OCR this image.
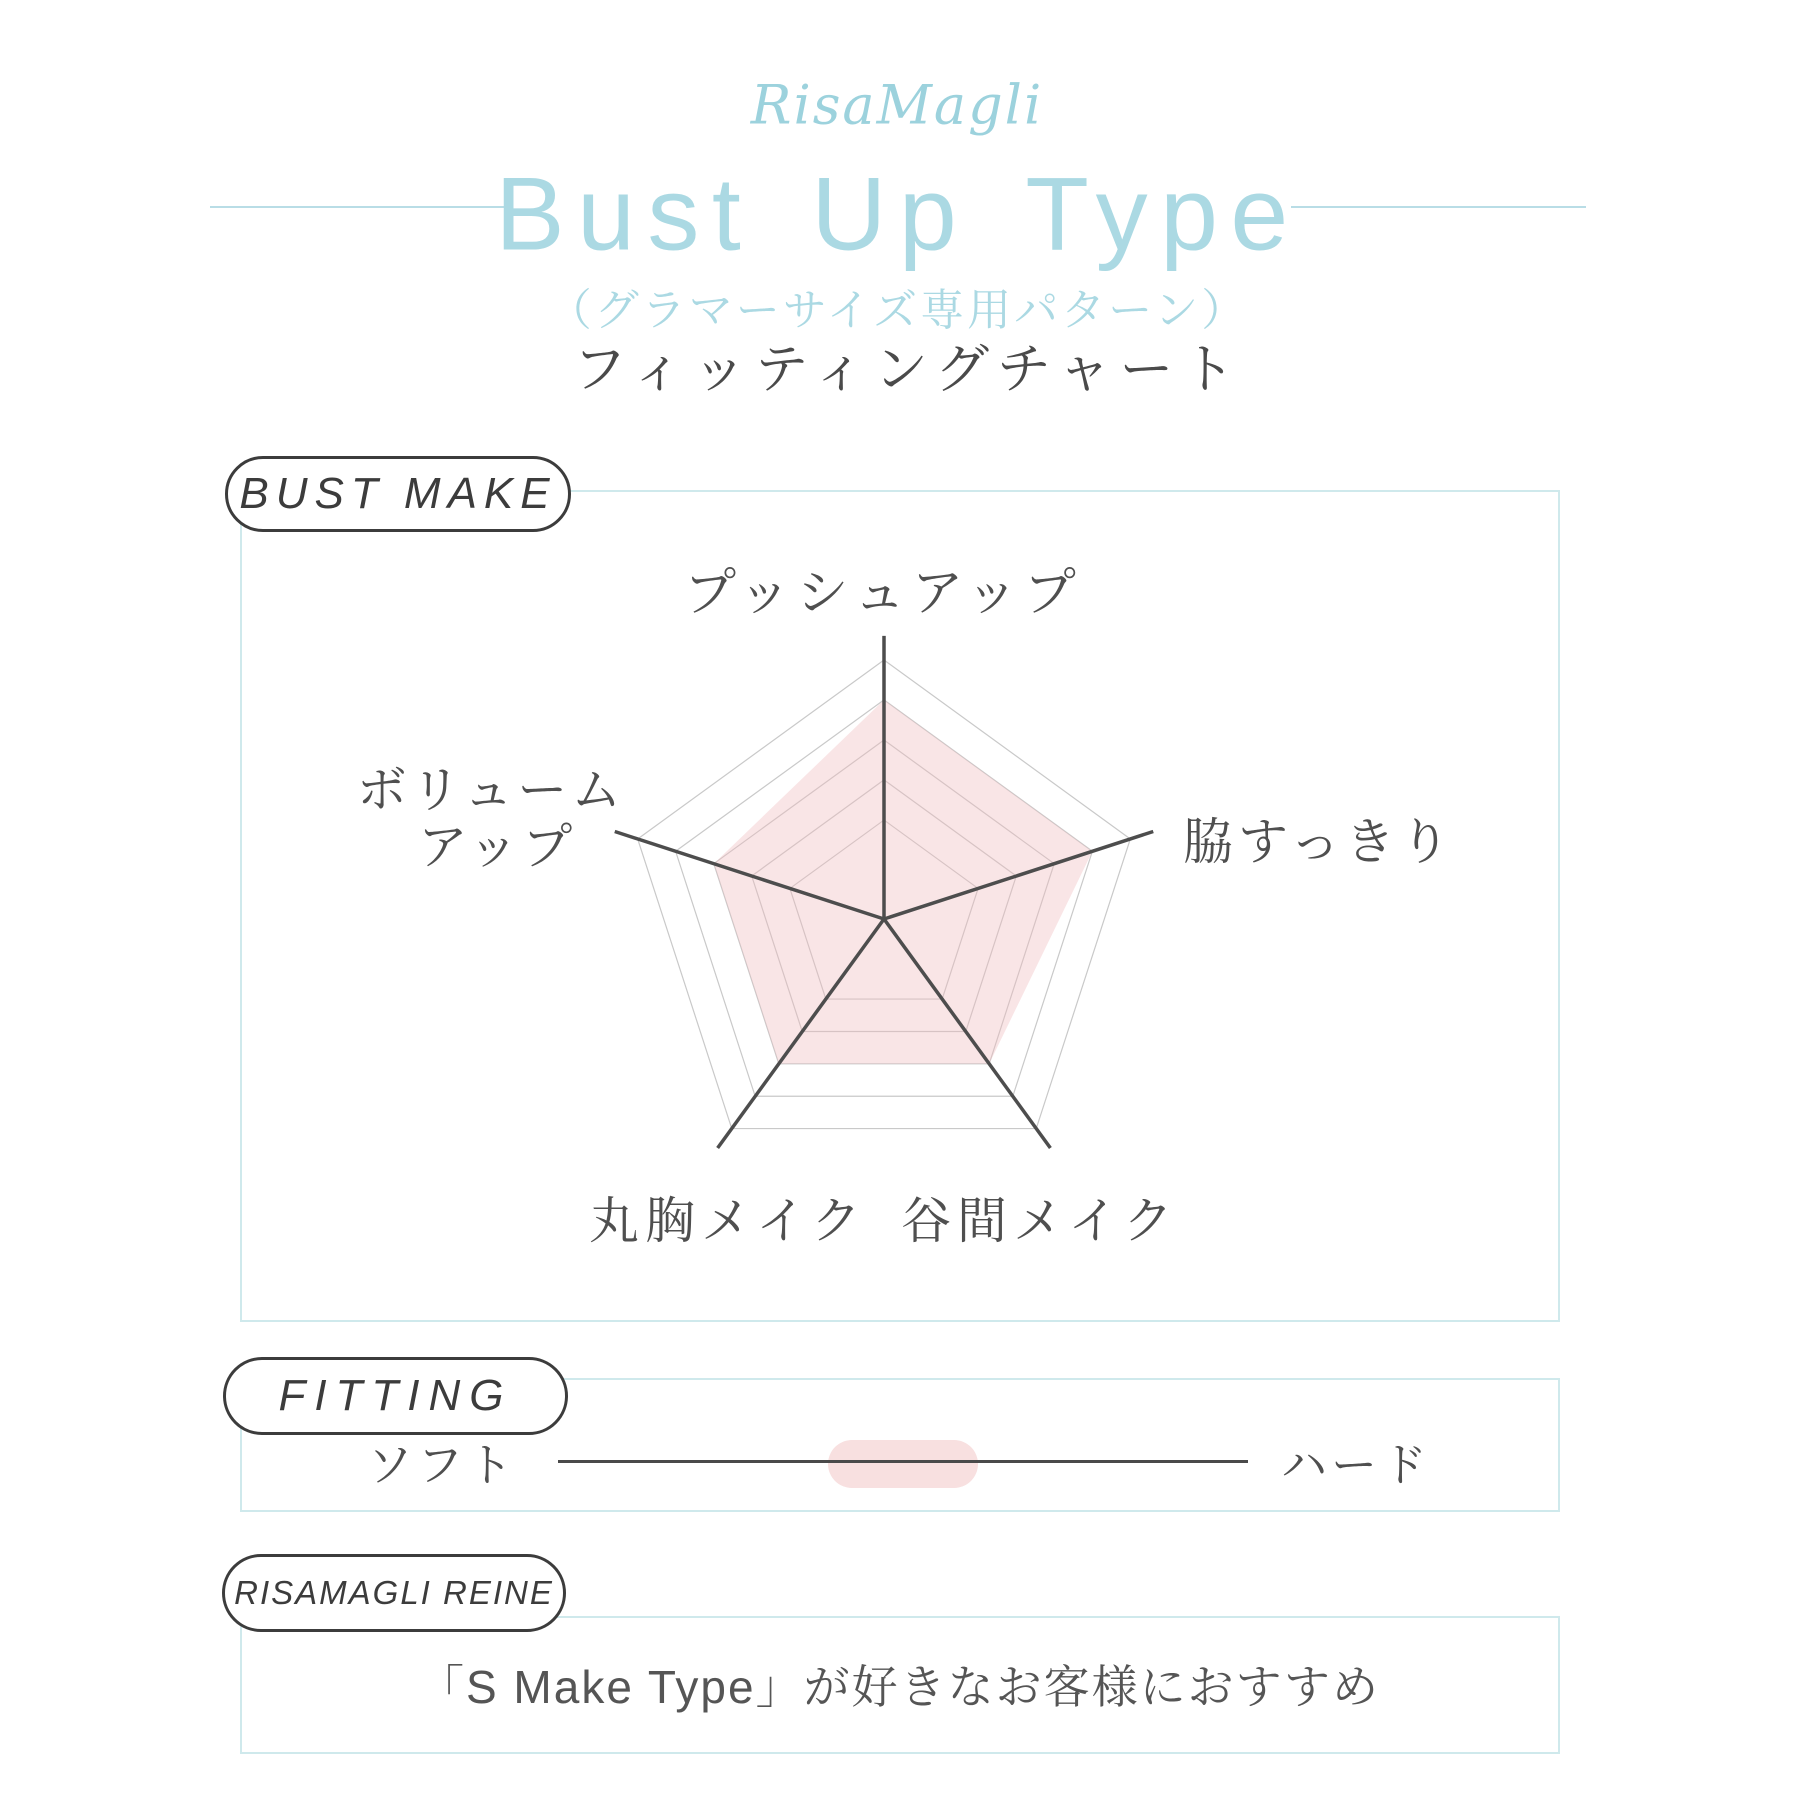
RisaMagli
Bust Up Type
（グラマーサイズ専用パターン）
フィッティングチャート
BUST MAKE
プッシュアップ
脇すっきり
谷間メイク
丸胸メイク
ボリューム
アップ
FITTING
ソフト	ハード
RISAMAGLI REINE
「S Make Type」が好きなお客様におすすめ
